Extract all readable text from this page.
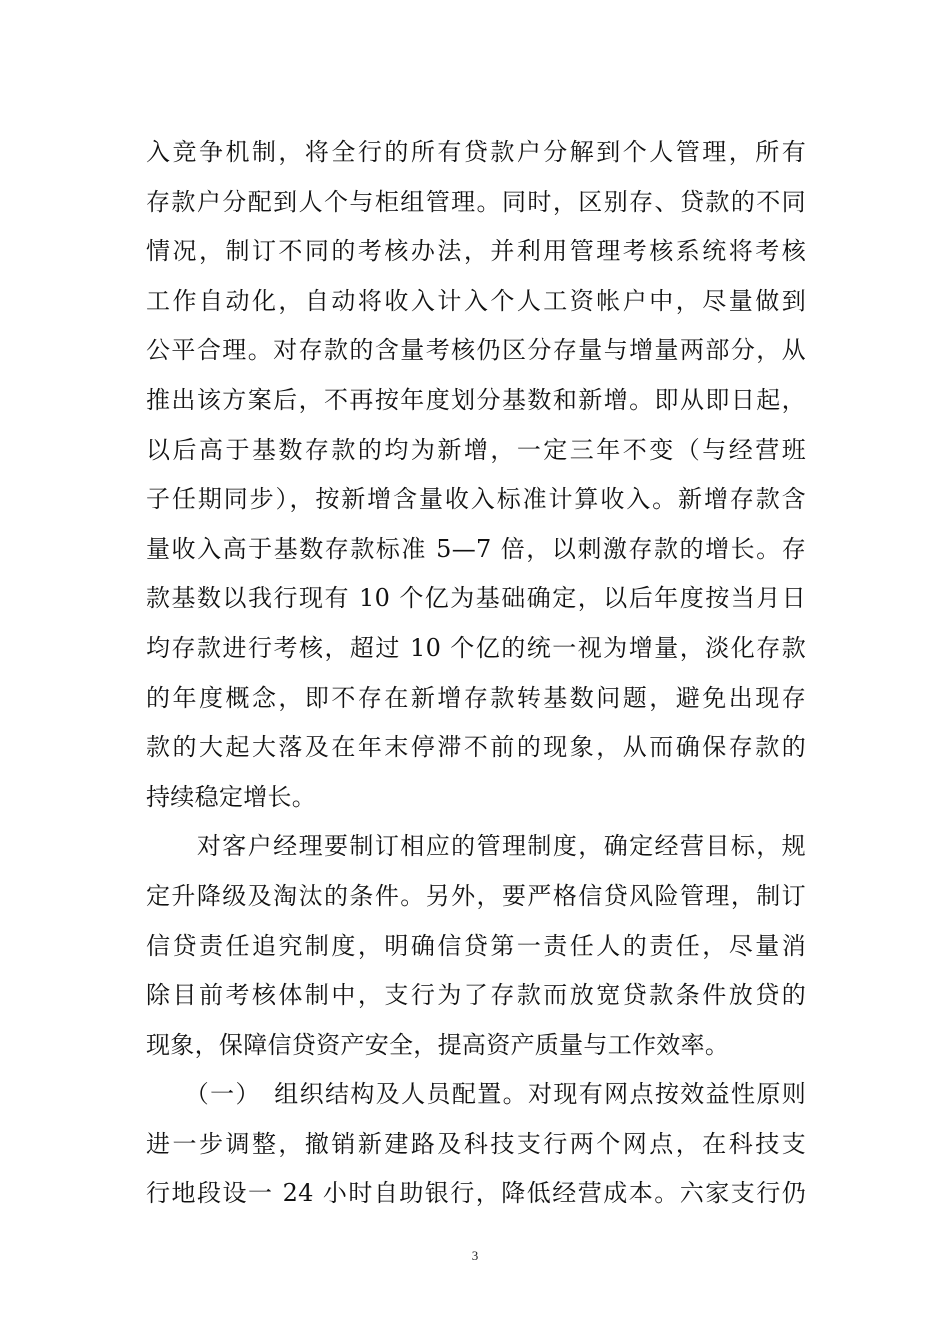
入竞争机制，将全行的所有贷款户分解到个人管理，所有
存款户分配到人个与柜组管理。同时，区别存、贷款的不同
情况，制订不同的考核办法，并利用管理考核系统将考核
工作自动化，自动将收入计入个人工资帐户中，尽量做到
公平合理。对存款的含量考核仍区分存量与增量两部分，从
推出该方案后，不再按年度划分基数和新增。即从即日起，
以后高于基数存款的均为新增，一定三年不变（与经营班
子任期同步），按新增含量收入标准计算收入。新增存款含
量收入高于基数存款标准 5—7 倍，以刺激存款的增长。存
款基数以我行现有 10 个亿为基础确定，以后年度按当月日
均存款进行考核，超过 10 个亿的统一视为增量，淡化存款
的年度概念，即不存在新增存款转基数问题，避免出现存
款的大起大落及在年末停滞不前的现象，从而确保存款的
持续稳定增长。
　　对客户经理要制订相应的管理制度，确定经营目标，规
定升降级及淘汰的条件。另外，要严格信贷风险管理，制订
信贷责任追究制度，明确信贷第一责任人的责任，尽量消
除目前考核体制中，支行为了存款而放宽贷款条件放贷的
现象，保障信贷资产安全，提高资产质量与工作效率。
　　（一）　组织结构及人员配置。对现有网点按效益性原则
进一步调整，撤销新建路及科技支行两个网点，在科技支
行地段设一 24 小时自助银行，降低经营成本。六家支行仍
3
